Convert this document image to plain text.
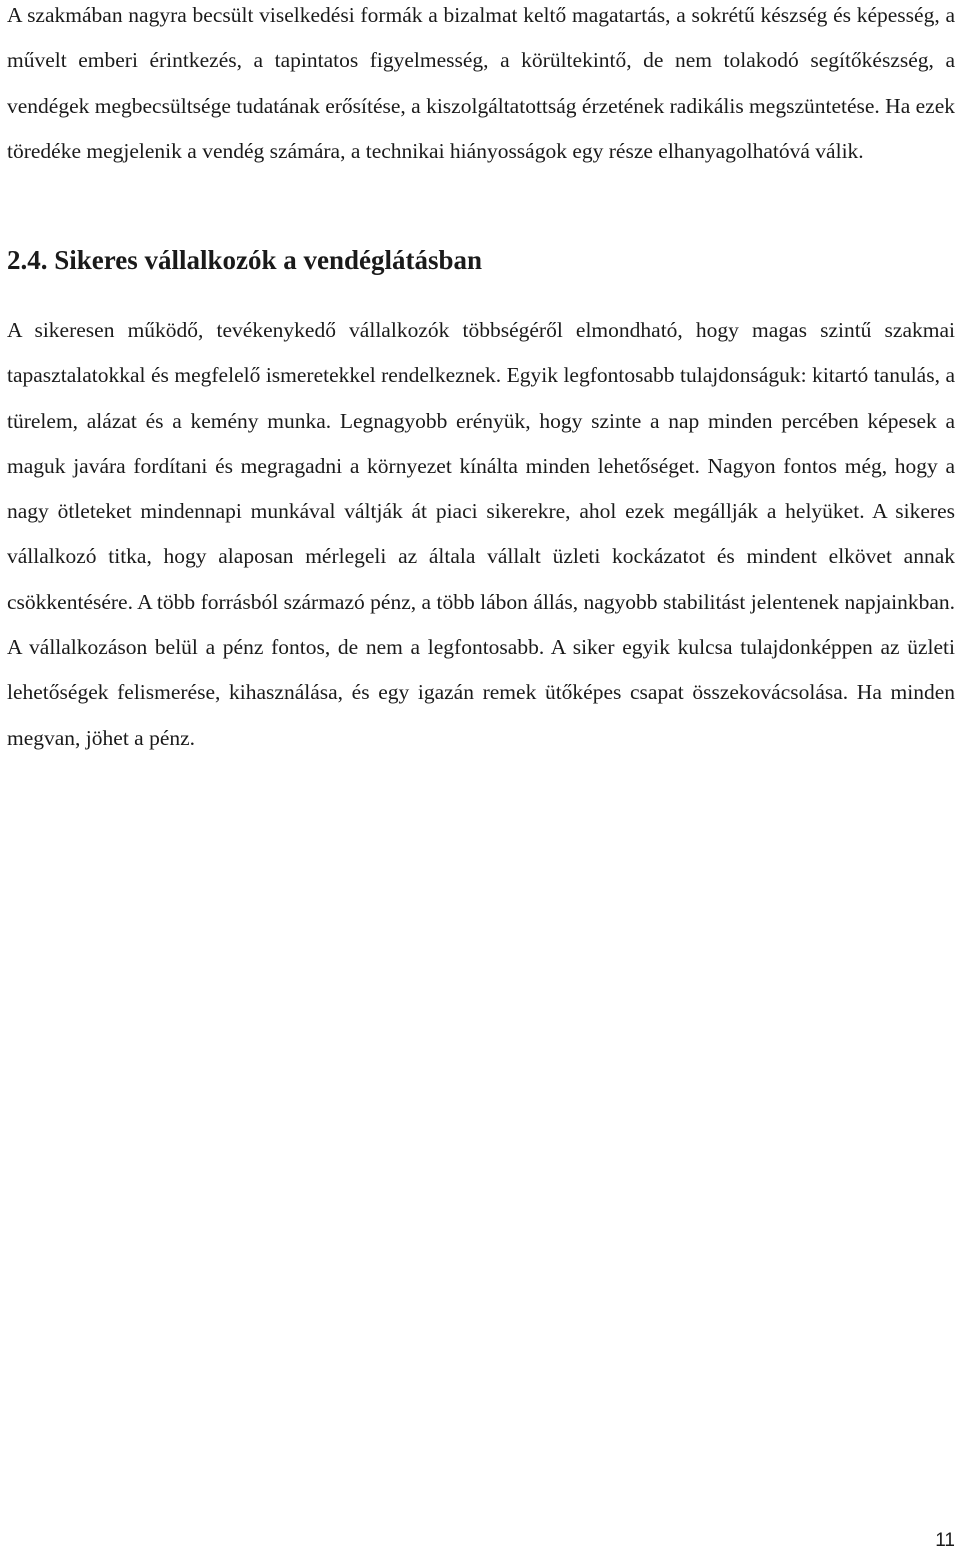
A szakmában nagyra becsült viselkedési formák a bizalmat keltő magatartás, a sokrétű készség és képesség, a művelt emberi érintkezés, a tapintatos figyelmesség, a körültekintő, de nem tolakodó segítőkészség, a vendégek megbecsültsége tudatának erősítése, a kiszolgáltatottság érzetének radikális megszüntetése. Ha ezek töredéke megjelenik a vendég számára, a technikai hiányosságok egy része elhanyagolhatóvá válik.

2.4. Sikeres vállalkozók a vendéglátásban

A sikeresen működő, tevékenykedő vállalkozók többségéről elmondható, hogy magas szintű szakmai tapasztalatokkal és megfelelő ismeretekkel rendelkeznek. Egyik legfontosabb tulajdonságuk: kitartó tanulás, a türelem, alázat és a kemény munka. Legnagyobb erényük, hogy szinte a nap minden percében képesek a maguk javára fordítani és megragadni a környezet kínálta minden lehetőséget. Nagyon fontos még, hogy a nagy ötleteket mindennapi munkával váltják át piaci sikerekre, ahol ezek megállják a helyüket. A sikeres vállalkozó titka, hogy alaposan mérlegeli az általa vállalt üzleti kockázatot és mindent elkövet annak csökkentésére. A több forrásból származó pénz, a több lábon állás, nagyobb stabilitást jelentenek napjainkban. A vállalkozáson belül a pénz fontos, de nem a legfontosabb. A siker egyik kulcsa tulajdonképpen az üzleti lehetőségek felismerése, kihasználása, és egy igazán remek ütőképes csapat összekovácsolása. Ha minden megvan, jöhet a pénz.

11
